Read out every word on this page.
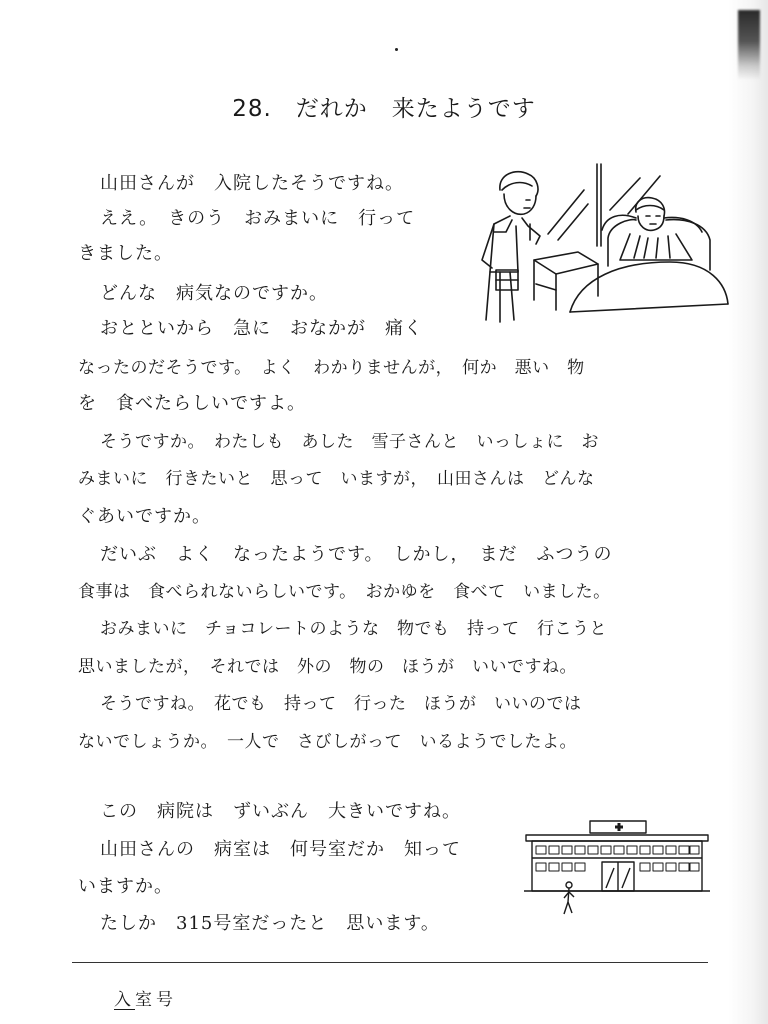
28.　だれか　来たようです
山田さんが　入院したそうですね。
ええ。　きのう　おみまいに　行って
きました。
どんな　病気なのですか。
おとといから　急に　おなかが　痛く
なったのだそうです。　よく　わかりませんが，　何か　悪い　物
を　食べたらしいですよ。
そうですか。　わたしも　あした　雪子さんと　いっしょに　お
みまいに　行きたいと　思って　いますが，　山田さんは　どんな
ぐあいですか。
だいぶ　よく　なったようです。　しかし，　まだ　ふつうの
食事は　食べられないらしいです。　おかゆを　食べて　いました。
おみまいに　チョコレートのような　物でも　持って　行こうと
思いましたが，　それでは　外の　物の　ほうが　いいですね。
そうですね。　花でも　持って　行った　ほうが　いいのでは
ないでしょうか。　一人で　さびしがって　いるようでしたよ。
この　病院は　ずいぶん　大きいですね。
山田さんの　病室は　何号室だか　知って
いますか。
たしか　315号室だったと　思います。
入室号
